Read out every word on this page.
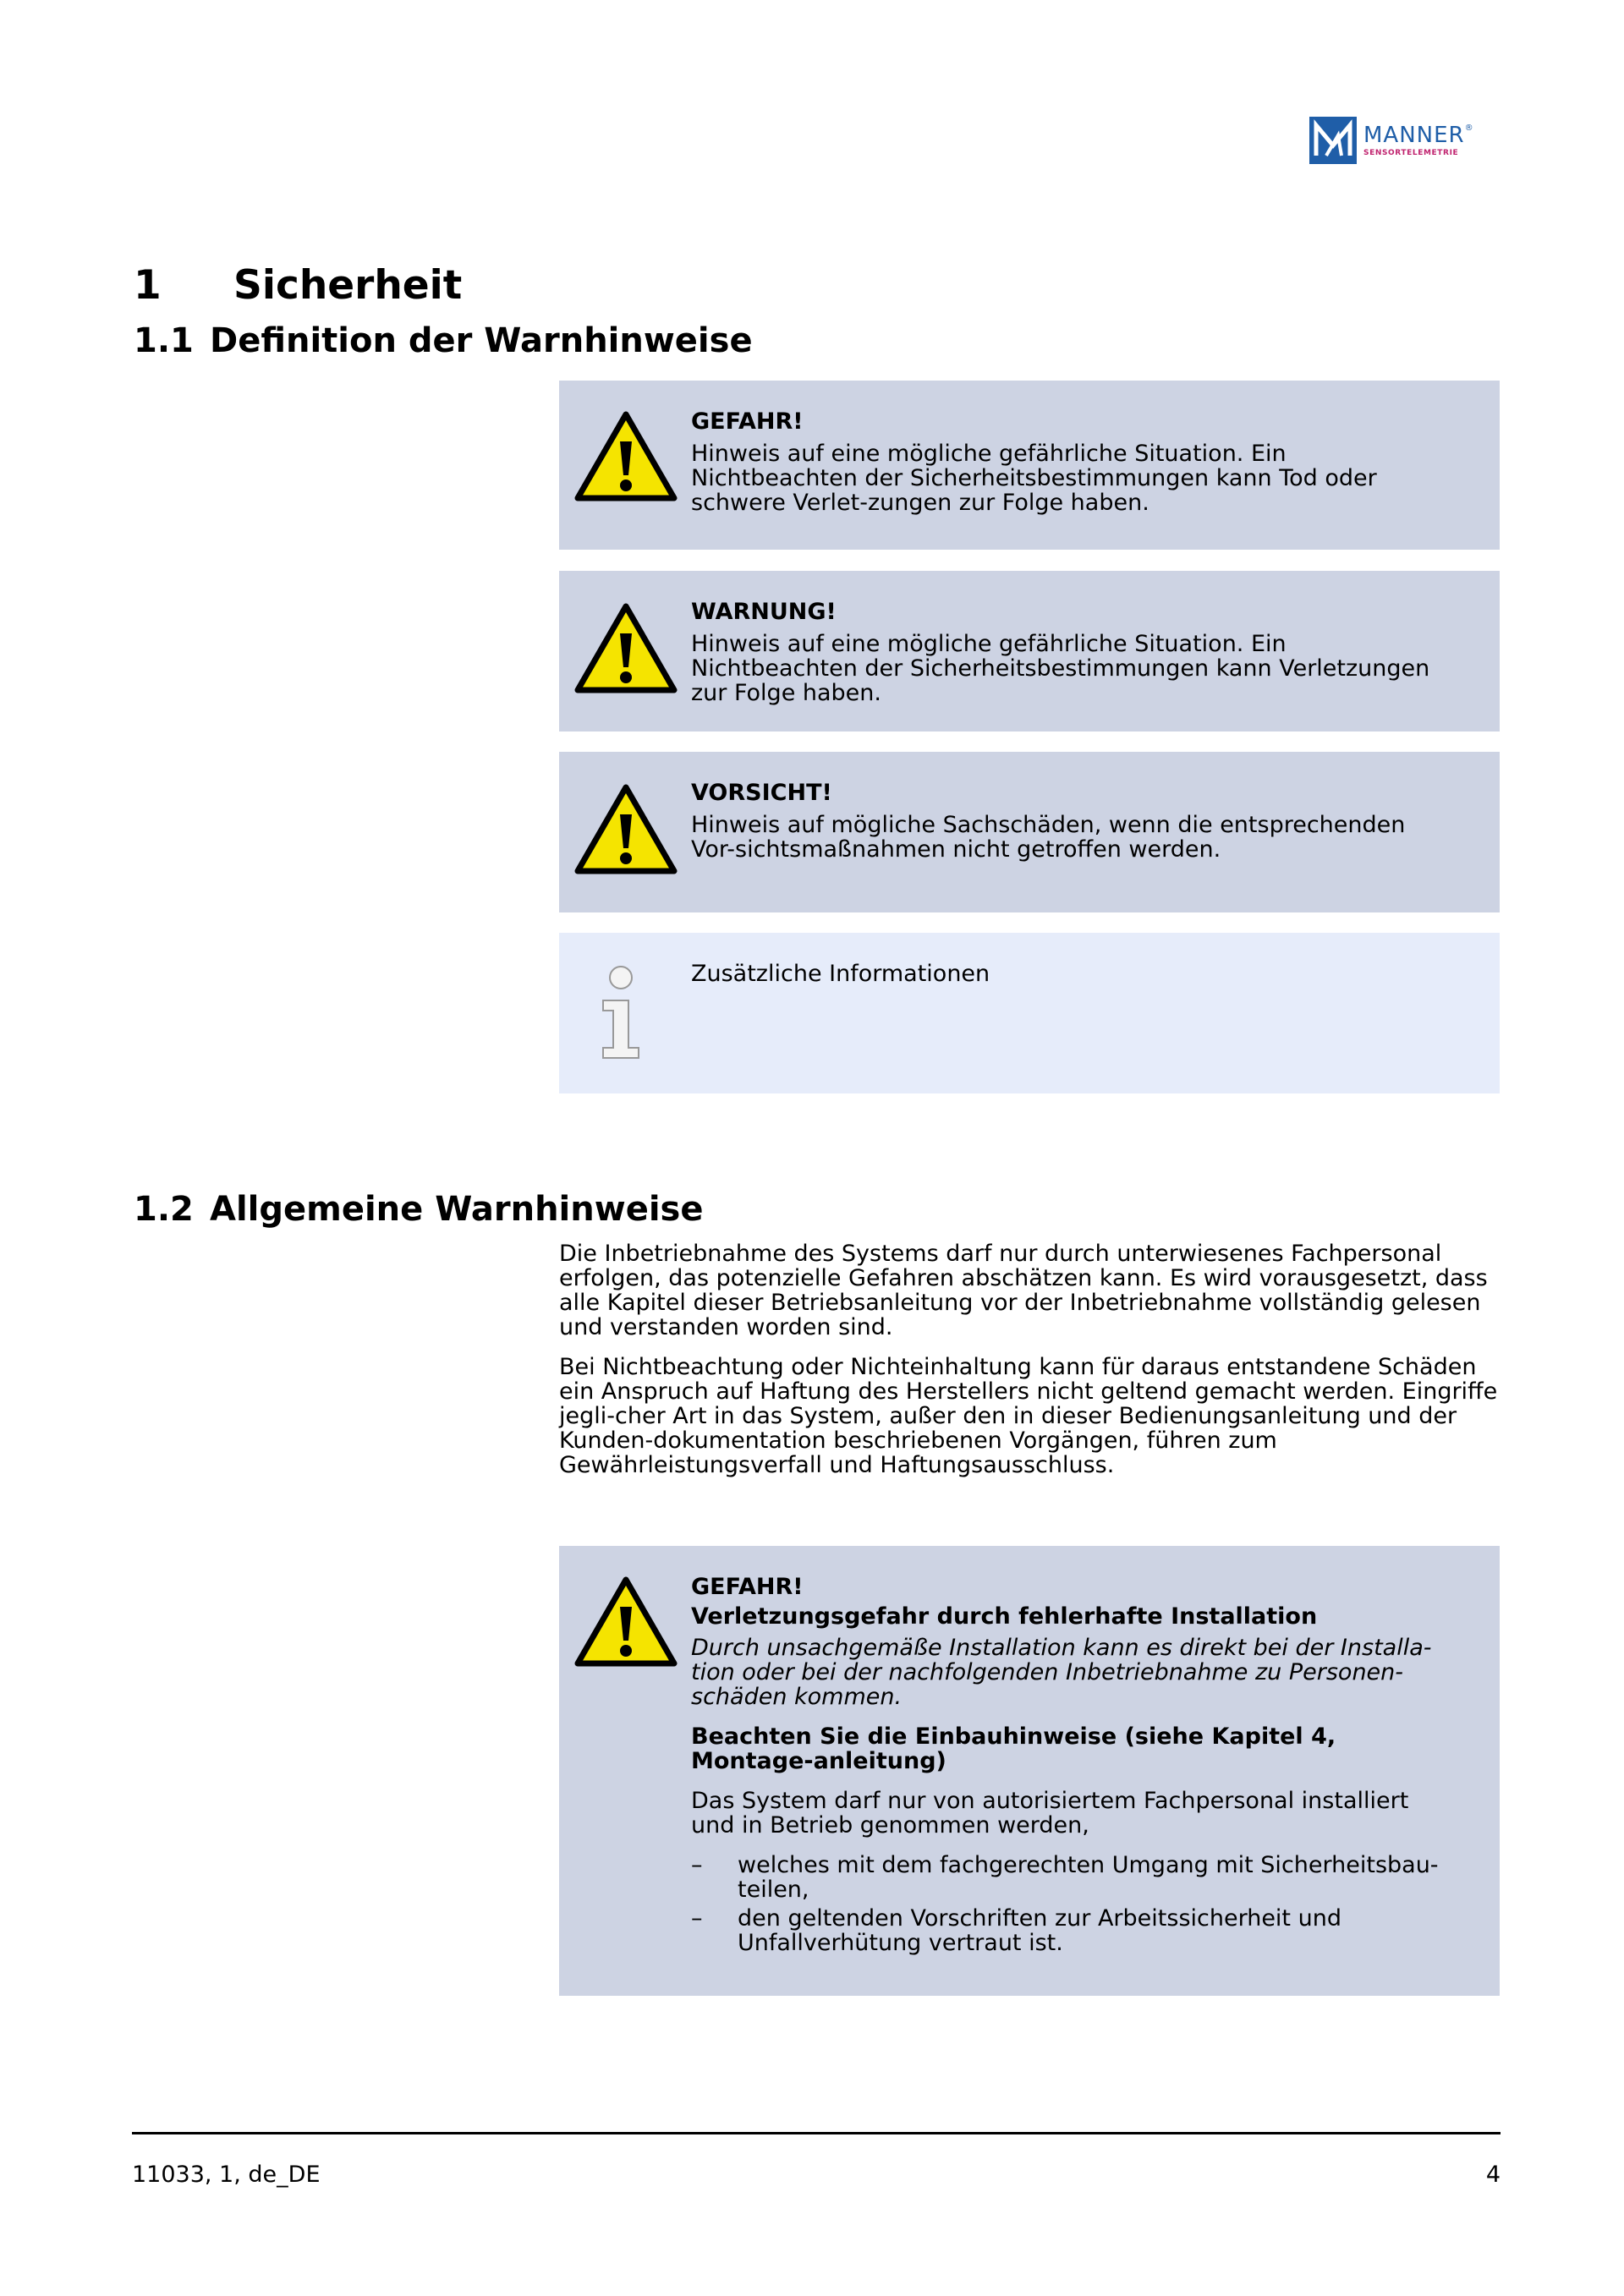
MANNER®
SENSORTELEMETRIE
1	Sicherheit
1.1 Definition der Warnhinweise
GEFAHR!
Hinweis auf eine mögliche gefährliche Situation. Ein Nichtbeachten der Sicherheitsbestimmungen kann Tod oder schwere Verlet-zungen zur Folge haben.
WARNUNG!
Hinweis auf eine mögliche gefährliche Situation. Ein Nichtbeachten der Sicherheitsbestimmungen kann Verletzungen zur Folge haben.
VORSICHT!
Hinweis auf mögliche Sachschäden, wenn die entsprechenden Vor-sichtsmaßnahmen nicht getroffen werden.
Zusätzliche Informationen
1.2 Allgemeine Warnhinweise

Die Inbetriebnahme des Systems darf nur durch unterwiesenes Fachpersonal erfolgen, das potenzielle Gefahren abschätzen kann. Es wird vorausgesetzt, dass alle Kapitel dieser Betriebsanleitung vor der Inbetriebnahme vollständig gelesen und verstanden worden sind.

Bei Nichtbeachtung oder Nichteinhaltung kann für daraus entstandene Schäden ein Anspruch auf Haftung des Herstellers nicht geltend gemacht werden. Eingriffe jegli-cher Art in das System, außer den in dieser Bedienungsanleitung und der Kunden-dokumentation beschriebenen Vorgängen, führen zum Gewährleistungsverfall und Haftungsausschluss.

GEFAHR!
Verletzungsgefahr durch fehlerhafte Installation
Durch unsachgemäße Installation kann es direkt bei der Installa-tion oder bei der nachfolgenden Inbetriebnahme zu Personen-schäden kommen.
Beachten Sie die Einbauhinweise (siehe Kapitel 4, Montage-anleitung)
Das System darf nur von autorisiertem Fachpersonal installiert und in Betrieb genommen werden,
–	welches mit dem fachgerechten Umgang mit Sicherheitsbau-teilen,
–	den geltenden Vorschriften zur Arbeitssicherheit und Unfallverhütung vertraut ist.
11033, 1, de_DE	4
